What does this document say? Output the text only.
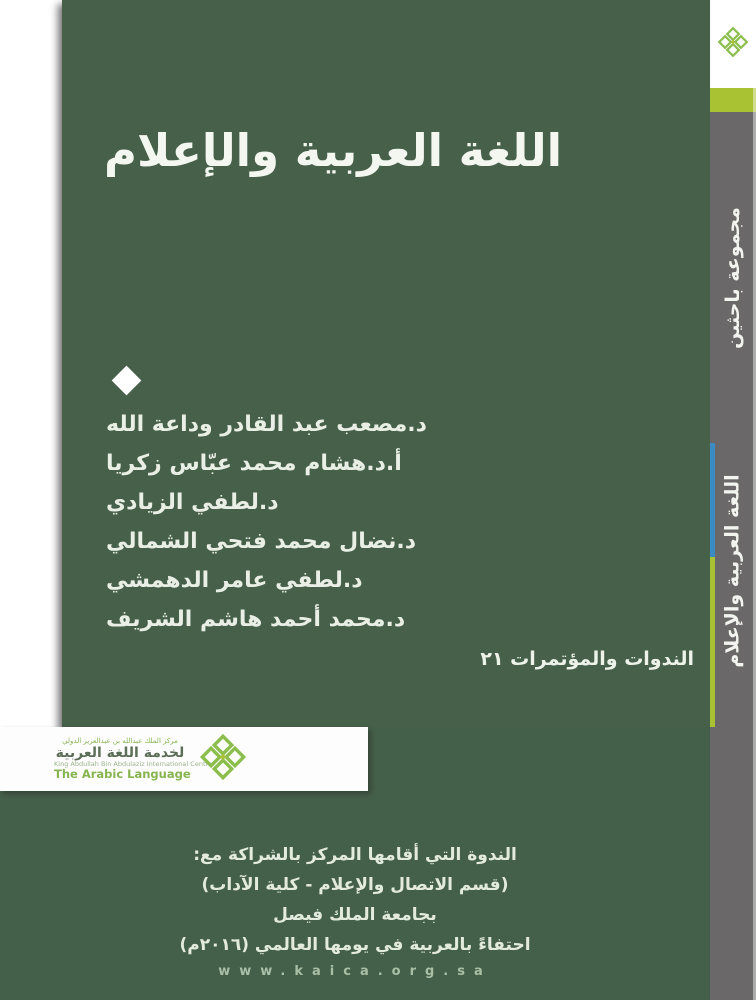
اللغة العربية والإعلام
د.مصعب عبد القادر وداعة الله
أ.د.هشام محمد عبّاس زكريا
د.لطفي الزيادي
د.نضال محمد فتحي الشمالي
د.لطفي عامر الدهمشي
د.محمد أحمد هاشم الشريف
الندوات والمؤتمرات ٢١
مركز الملك عبدالله بن عبدالعزيز الدولي
لخدمة اللغة العربية
King Abdullah Bin Abdulaziz International Centre
The Arabic Language
الندوة التي أقامها المركز بالشراكة مع:
(قسم الاتصال والإعلام - كلية الآداب)
بجامعة الملك فيصل
احتفاءً بالعربية في يومها العالمي (٢٠١٦م)
www.kaica.org.sa
مجموعة باحثين
اللغة العربية والإعلام
